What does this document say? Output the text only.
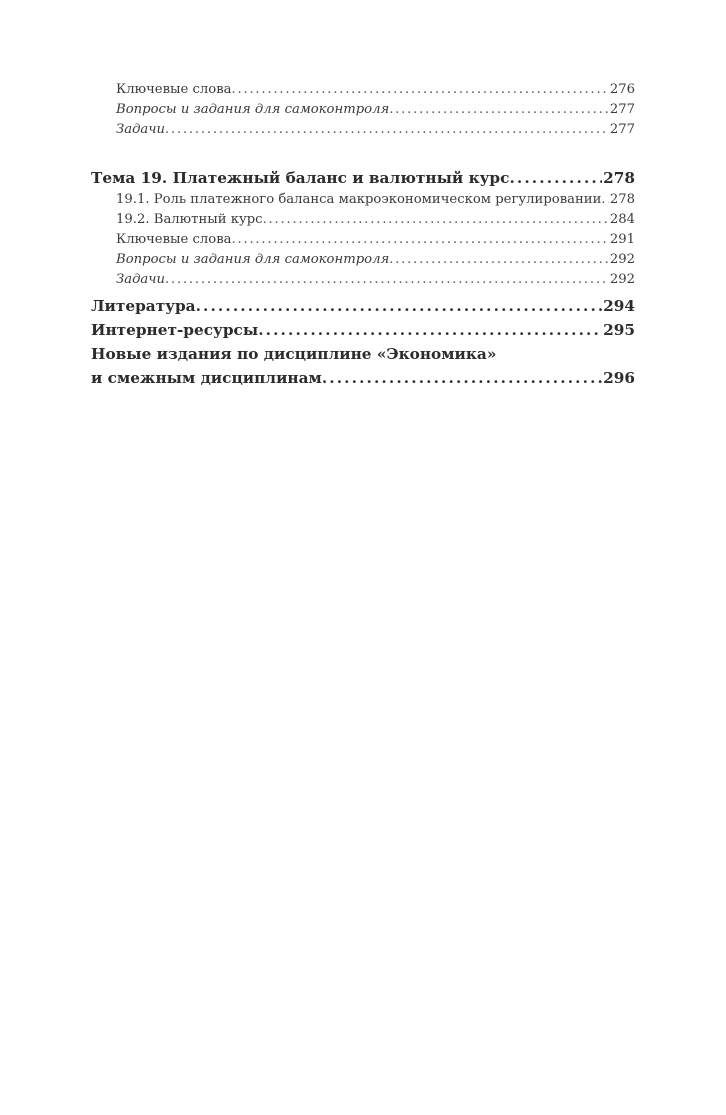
Ключевые слова . . .	276
Вопросы и задания для самоконтроля . . .	277
Задачи . . .	277
Тема 19. Платежный баланс и валютный курс . . .	278
19.1. Роль платежного баланса макроэкономическом регулировании . . . 278
19.2. Валютный курс . . .	284
Ключевые слова . . .	291
Вопросы и задания для самоконтроля . . .	292
Задачи . . .	292
Литература . . .	294
Интернет-ресурсы . . .	295
Новые издания по дисциплине «Экономика»
и смежным дисциплинам . . .	296
